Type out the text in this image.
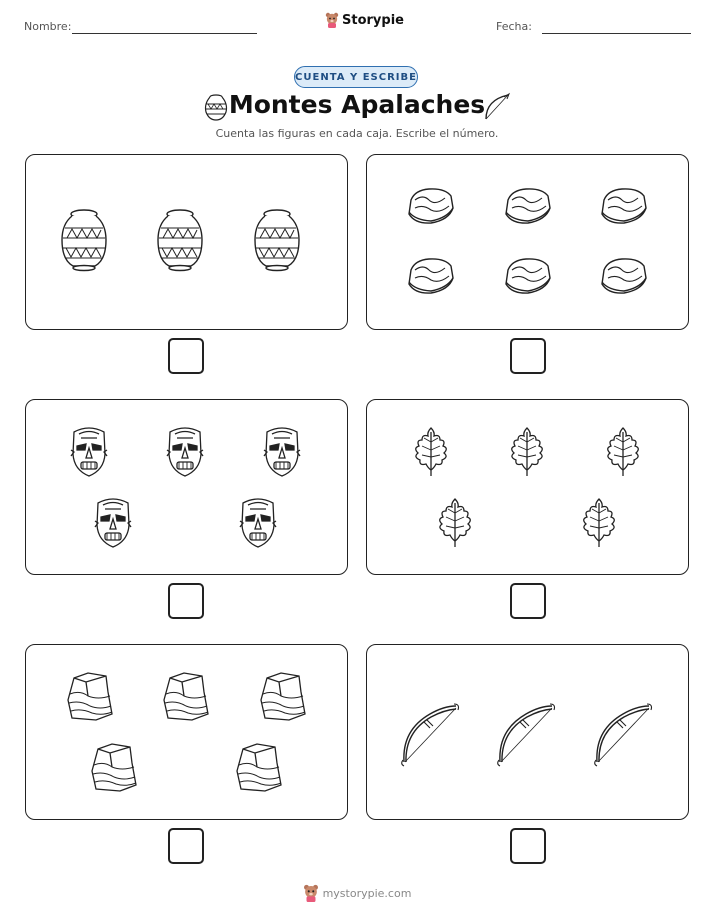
Nombre:	Storypie	Fecha:
CUENTA Y ESCRIBE
Montes Apalaches
Cuenta las figuras en cada caja. Escribe el número.
mystorypie.com
